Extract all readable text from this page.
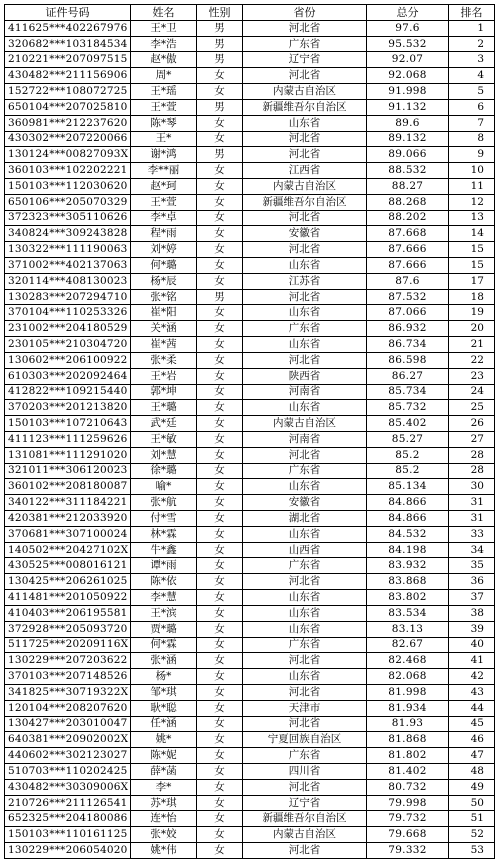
证件号码	姓名	性别	省份	总分	排名
411625***402267976	王*卫	男	河北省	97.6	1
320682***103184534	李*浩	男	广东省	95.532	2
210221***207097515	赵*傲	男	辽宁省	92.07	3
430482***211156906	周*	女	河北省	92.068	4
152722***108072725	王*瑶	女	内蒙古自治区	91.998	5
650104***207025810	王*萱	男	新疆维吾尔自治区	91.132	6
360981***212237620	陈*琴	女	山东省	89.6	7
430302***207220066	王*	女	河北省	89.132	8
130124***00827093X	谢*鸿	男	河北省	89.066	9
360103***102202221	李**丽	女	江西省	88.532	10
150103***112030620	赵*珂	女	内蒙古自治区	88.27	11
650106***205070329	王*萱	女	新疆维吾尔自治区	88.268	12
372323***305110626	李*卓	女	河北省	88.202	13
340824***309243828	程*雨	女	安徽省	87.668	14
130322***111190063	刘*婷	女	河北省	87.666	15
371002***402137063	何*璐	女	山东省	87.666	15
320114***408130023	杨*辰	女	江苏省	87.6	17
130283***207294710	张*铭	男	河北省	87.532	18
370104***110253326	崔*阳	女	山东省	87.066	19
231002***204180529	关*涵	女	广东省	86.932	20
230105***210304720	崔*茜	女	山东省	86.734	21
130602***206100922	张*柔	女	河北省	86.598	22
610303***202092464	王*岩	女	陕西省	86.27	23
412822***109215440	郭*坤	女	河南省	85.734	24
370203***201213820	王*璐	女	山东省	85.732	25
150103***107210643	武*廷	女	内蒙古自治区	85.402	26
411123***111259626	王*敏	女	河南省	85.27	27
131081***111291020	刘*慧	女	河北省	85.2	28
321011***306120023	徐*璐	女	广东省	85.2	28
360102***208180087	喻*	女	山东省	85.134	30
340122***311184221	张*航	女	安徽省	84.866	31
420381***212033920	付*雪	女	湖北省	84.866	31
370681***307100024	林*霖	女	山东省	84.532	33
140502***20427102X	牛*鑫	女	山西省	84.198	34
430525***008016121	谭*雨	女	广东省	83.932	35
130425***206261025	陈*依	女	河北省	83.868	36
411481***201050922	李*慧	女	山东省	83.802	37
410403***206195581	王*滨	女	山东省	83.534	38
372928***205093720	贾*璐	女	山东省	83.13	39
511725***20209116X	何*霖	女	广东省	82.67	40
130229***207203622	张*涵	女	河北省	82.468	41
370103***207148526	杨*	女	山东省	82.068	42
341825***30719322X	邹*琪	女	河北省	81.998	43
120104***208207620	耿*聪	女	天津市	81.934	44
130427***203010047	任*涵	女	河北省	81.93	45
640381***20902002X	姚*	女	宁夏回族自治区	81.868	46
440602***302123027	陈*妮	女	广东省	81.802	47
510703***110202425	薛*菡	女	四川省	81.402	48
430482***30309006X	李*	女	河北省	80.732	49
210726***211126541	苏*琪	女	辽宁省	79.998	50
652325***204180086	连*怡	女	新疆维吾尔自治区	79.732	51
150103***110161125	张*姣	女	内蒙古自治区	79.668	52
130229***206054020	姚*伟	女	河北省	79.332	53
